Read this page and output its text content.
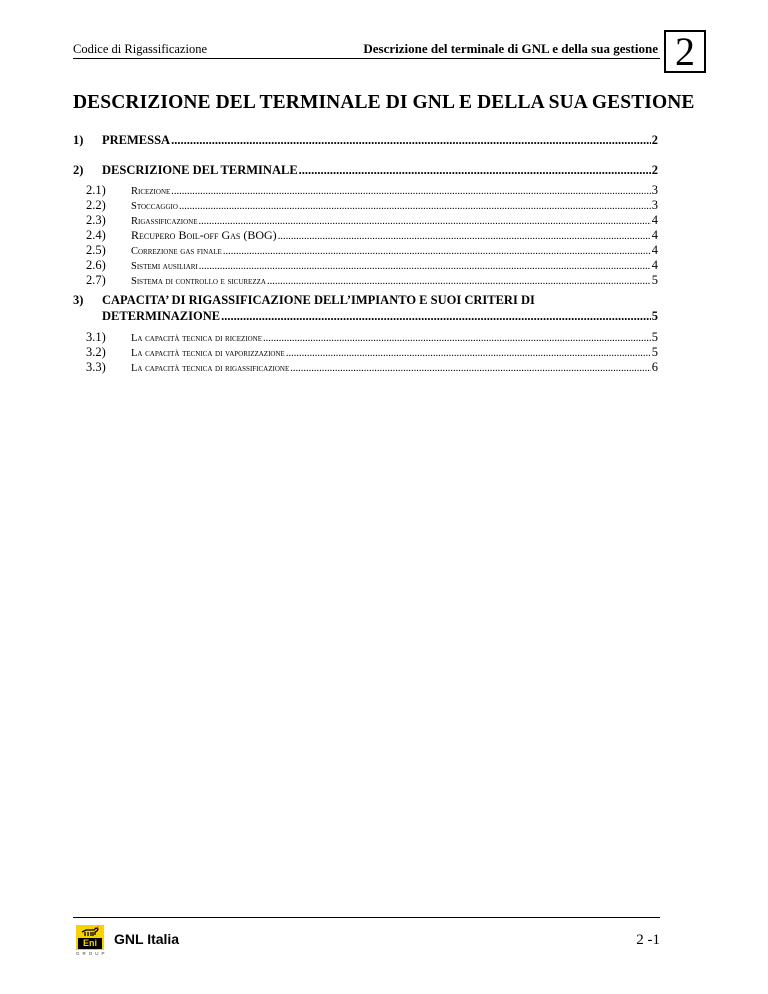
Codice di Rigassificazione	Descrizione del terminale di GNL e della sua gestione 2
DESCRIZIONE DEL TERMINALE DI GNL E DELLA SUA GESTIONE
1) PREMESSA .....	2
2) DESCRIZIONE DEL TERMINALE .....	2
2.1) Ricezione .....	3
2.2) Stoccaggio .....	3
2.3) Rigassificazione .....	4
2.4) Recupero Boil-off Gas (BOG) .....	4
2.5) Correzione gas finale .....	4
2.6) Sistemi ausiliari .....	4
2.7) Sistema di controllo e sicurezza .....	5
3) CAPACITA’ DI RIGASSIFICAZIONE DELL’IMPIANTO E SUOI CRITERI DI
DETERMINAZIONE .....	5
3.1) La capacità tecnica di ricezione .....	5
3.2) La capacità tecnica di vaporizzazione .....	5
3.3) La capacità tecnica di rigassificazione .....	6
Eni
GROUP
GNL Italia	2 -1
